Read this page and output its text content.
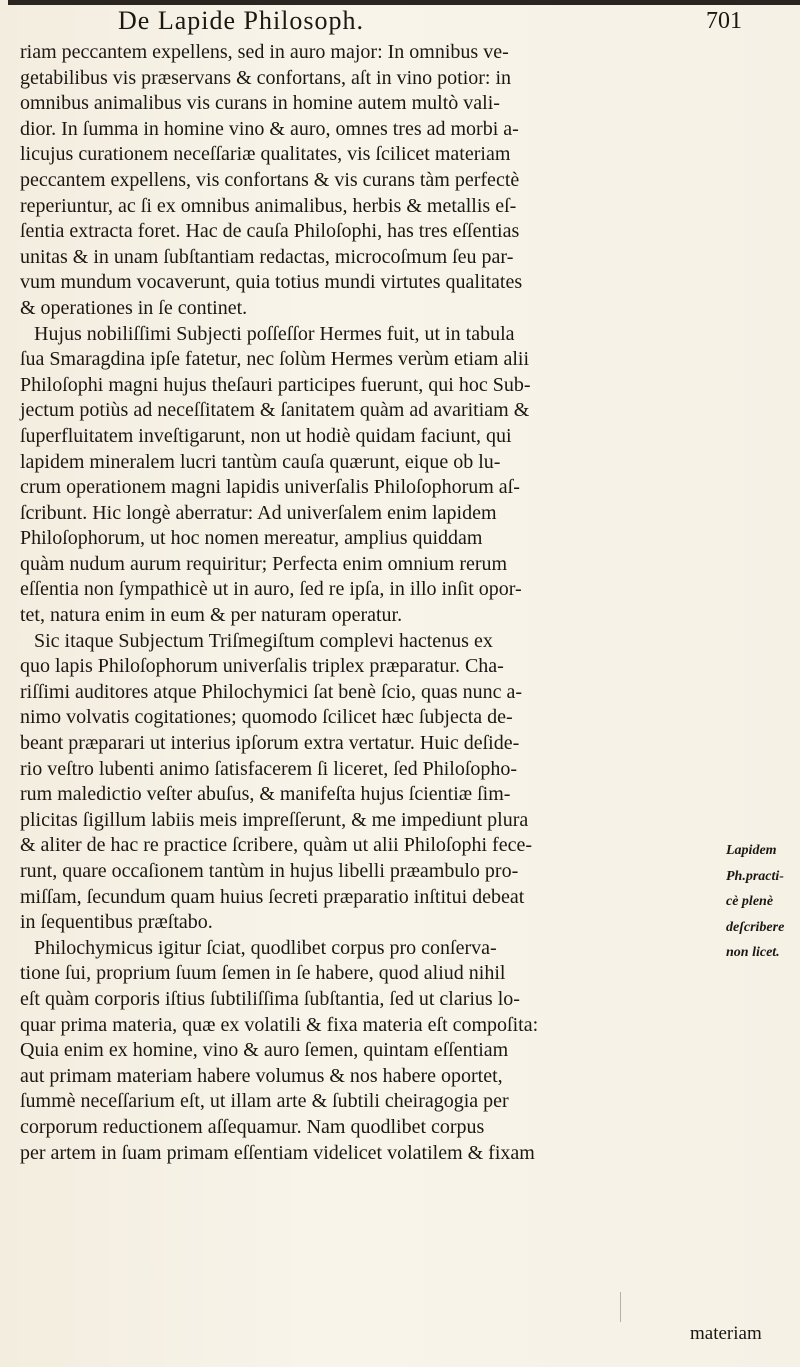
De Lapide Philosoph.	701
riam peccantem expellens, sed in auro major: In omnibus ve-
getabilibus vis præservans & confortans, aſt in vino potior: in
omnibus animalibus vis curans in homine autem multò vali-
dior. In ſumma in homine vino & auro, omnes tres ad morbi a-
licujus curationem neceſſariæ qualitates, vis ſcilicet materiam
peccantem expellens, vis confortans & vis curans tàm perfectè
reperiuntur, ac ſi ex omnibus animalibus, herbis & metallis eſ-
ſentia extracta foret. Hac de cauſa Philoſophi, has tres eſſentias
unitas & in unam ſubſtantiam redactas, microcoſmum ſeu par-
vum mundum vocaverunt, quia totius mundi virtutes qualitates
& operationes in ſe continet.
Hujus nobiliſſimi Subjecti poſſeſſor Hermes fuit, ut in tabula
ſua Smaragdina ipſe fatetur, nec ſolùm Hermes verùm etiam alii
Philoſophi magni hujus theſauri participes fuerunt, qui hoc Sub-
jectum potiùs ad neceſſitatem & ſanitatem quàm ad avaritiam &
ſuperfluitatem inveſtigarunt, non ut hodiè quidam faciunt, qui
lapidem mineralem lucri tantùm cauſa quærunt, eique ob lu-
crum operationem magni lapidis univerſalis Philoſophorum aſ-
ſcribunt. Hic longè aberratur: Ad univerſalem enim lapidem
Philoſophorum, ut hoc nomen mereatur, amplius quiddam
quàm nudum aurum requiritur; Perfecta enim omnium rerum
eſſentia non ſympathicè ut in auro, ſed re ipſa, in illo inſit opor-
tet, natura enim in eum & per naturam operatur.
Sic itaque Subjectum Triſmegiſtum complevi hactenus ex
quo lapis Philoſophorum univerſalis triplex præparatur. Cha-
riſſimi auditores atque Philochymici ſat benè ſcio, quas nunc a-
nimo volvatis cogitationes; quomodo ſcilicet hæc ſubjecta de-
beant præparari ut interius ipſorum extra vertatur. Huic deſide-
rio veſtro lubenti animo ſatisfacerem ſi liceret, ſed Philoſopho-
rum maledictio veſter abuſus, & manifeſta hujus ſcientiæ ſim-
plicitas ſigillum labiis meis impreſſerunt, & me impediunt plura
& aliter de hac re practice ſcribere, quàm ut alii Philoſophi fece-
runt, quare occaſionem tantùm in hujus libelli præambulo pro-
miſſam, ſecundum quam huius ſecreti præparatio inſtitui debeat
in ſequentibus præſtabo.
Philochymicus igitur ſciat, quodlibet corpus pro conſerva-
tione ſui, proprium ſuum ſemen in ſe habere, quod aliud nihil
eſt quàm corporis iſtius ſubtiliſſima ſubſtantia, ſed ut clarius lo-
quar prima materia, quæ ex volatili & fixa materia eſt compoſita:
Quia enim ex homine, vino & auro ſemen, quintam eſſentiam
aut primam materiam habere volumus & nos habere oportet,
ſummè neceſſarium eſt, ut illam arte & ſubtili cheiragogia per
corporum reductionem aſſequamur. Nam quodlibet corpus
per artem in ſuam primam eſſentiam videlicet volatilem & fixam
Lapidem
Ph.practi-
cè plenè
deſcribere
non licet.
materiam
